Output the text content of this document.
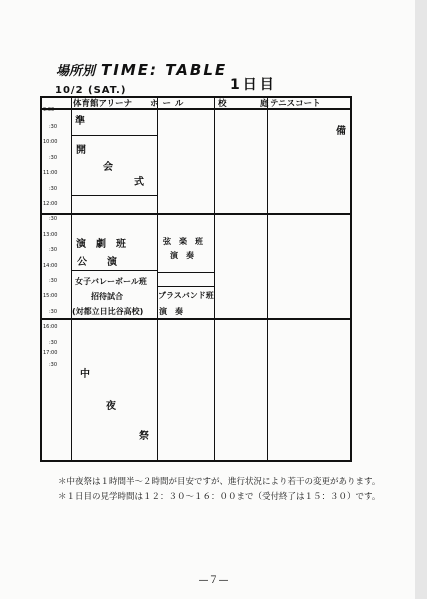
場所別 TIME: TABLE
1日目
10/2 (SAT.)
体育館アリーナ ホール	校	庭 テニスコート
9:00
:30
10:00
:30
11:00
:30
12:00
:30
13:00
:30
14:00
:30
15:00
:30
16:00
:30
17:00
:30
準
備
開
会
式
演　劇　班
公　　演
弦　楽　班
演　奏
女子バレーボール班
招待試合
(対都立日比谷高校)
ブラスバンド班
演　奏
中
夜
祭
＊中夜祭は１時間半～２時間が目安ですが、進行状況により若干の変更があります。
＊１日目の見学時間は１２：３０～１６：００まで（受付終了は１５：３０）です。
—７—
